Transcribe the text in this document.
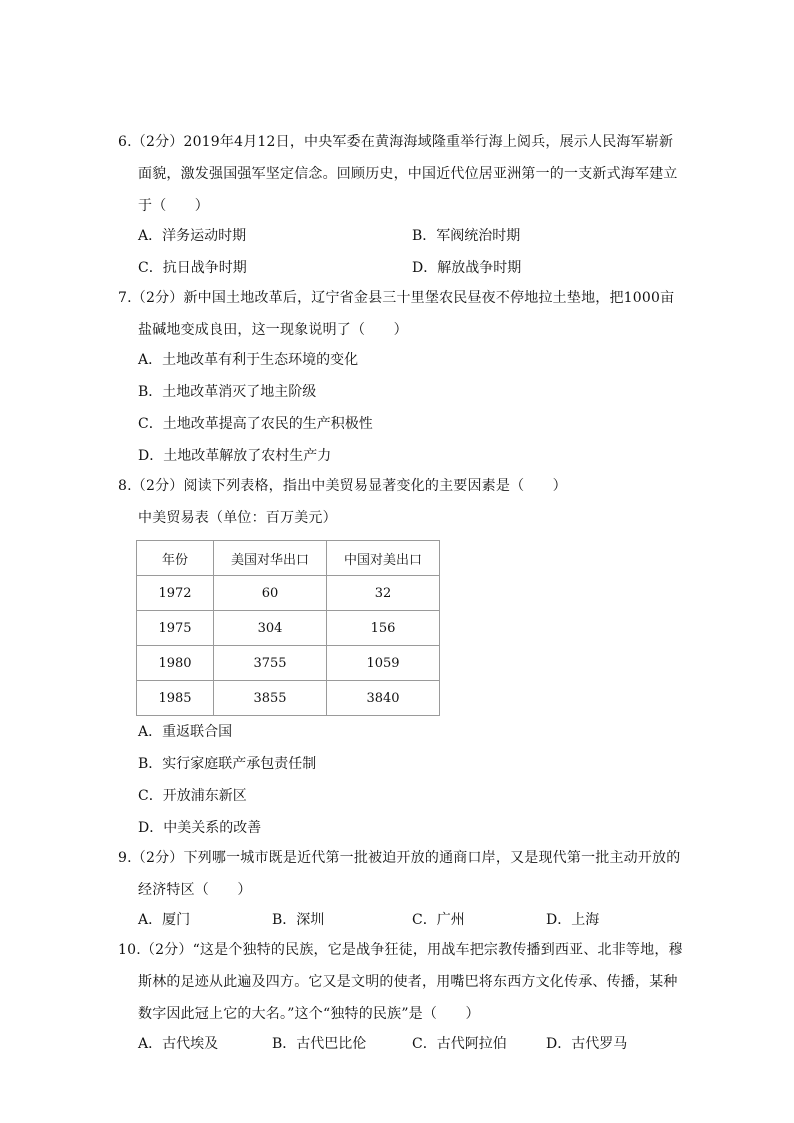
6.（2分）2019年4月12日，中央军委在黄海海域隆重举行海上阅兵，展示人民海军崭新
面貌，激发强国强军坚定信念。回顾历史，中国近代位居亚洲第一的一支新式海军建立
于（　　）
A．洋务运动时期	B．军阀统治时期
C．抗日战争时期	D．解放战争时期
7.（2分）新中国土地改革后，辽宁省金县三十里堡农民昼夜不停地拉土垫地，把1000亩
盐碱地变成良田，这一现象说明了（　　）
A．土地改革有利于生态环境的变化
B．土地改革消灭了地主阶级
C．土地改革提高了农民的生产积极性
D．土地改革解放了农村生产力
8.（2分）阅读下列表格，指出中美贸易显著变化的主要因素是（　　）
中美贸易表（单位：百万美元）
年份	美国对华出口	中国对美出口
1972	60	32
1975	304	156
1980	3755	1059
1985	3855	3840
A．重返联合国
B．实行家庭联产承包责任制
C．开放浦东新区
D．中美关系的改善
9.（2分）下列哪一城市既是近代第一批被迫开放的通商口岸，又是现代第一批主动开放的
经济特区（　　）
A．厦门	B．深圳	C．广州	D．上海
10.（2分）“这是个独特的民族，它是战争狂徒，用战车把宗教传播到西亚、北非等地，穆
斯林的足迹从此遍及四方。它又是文明的使者，用嘴巴将东西方文化传承、传播，某种
数字因此冠上它的大名。”这个“独特的民族”是（　　）
A．古代埃及	B．古代巴比伦	C．古代阿拉伯	D．古代罗马
